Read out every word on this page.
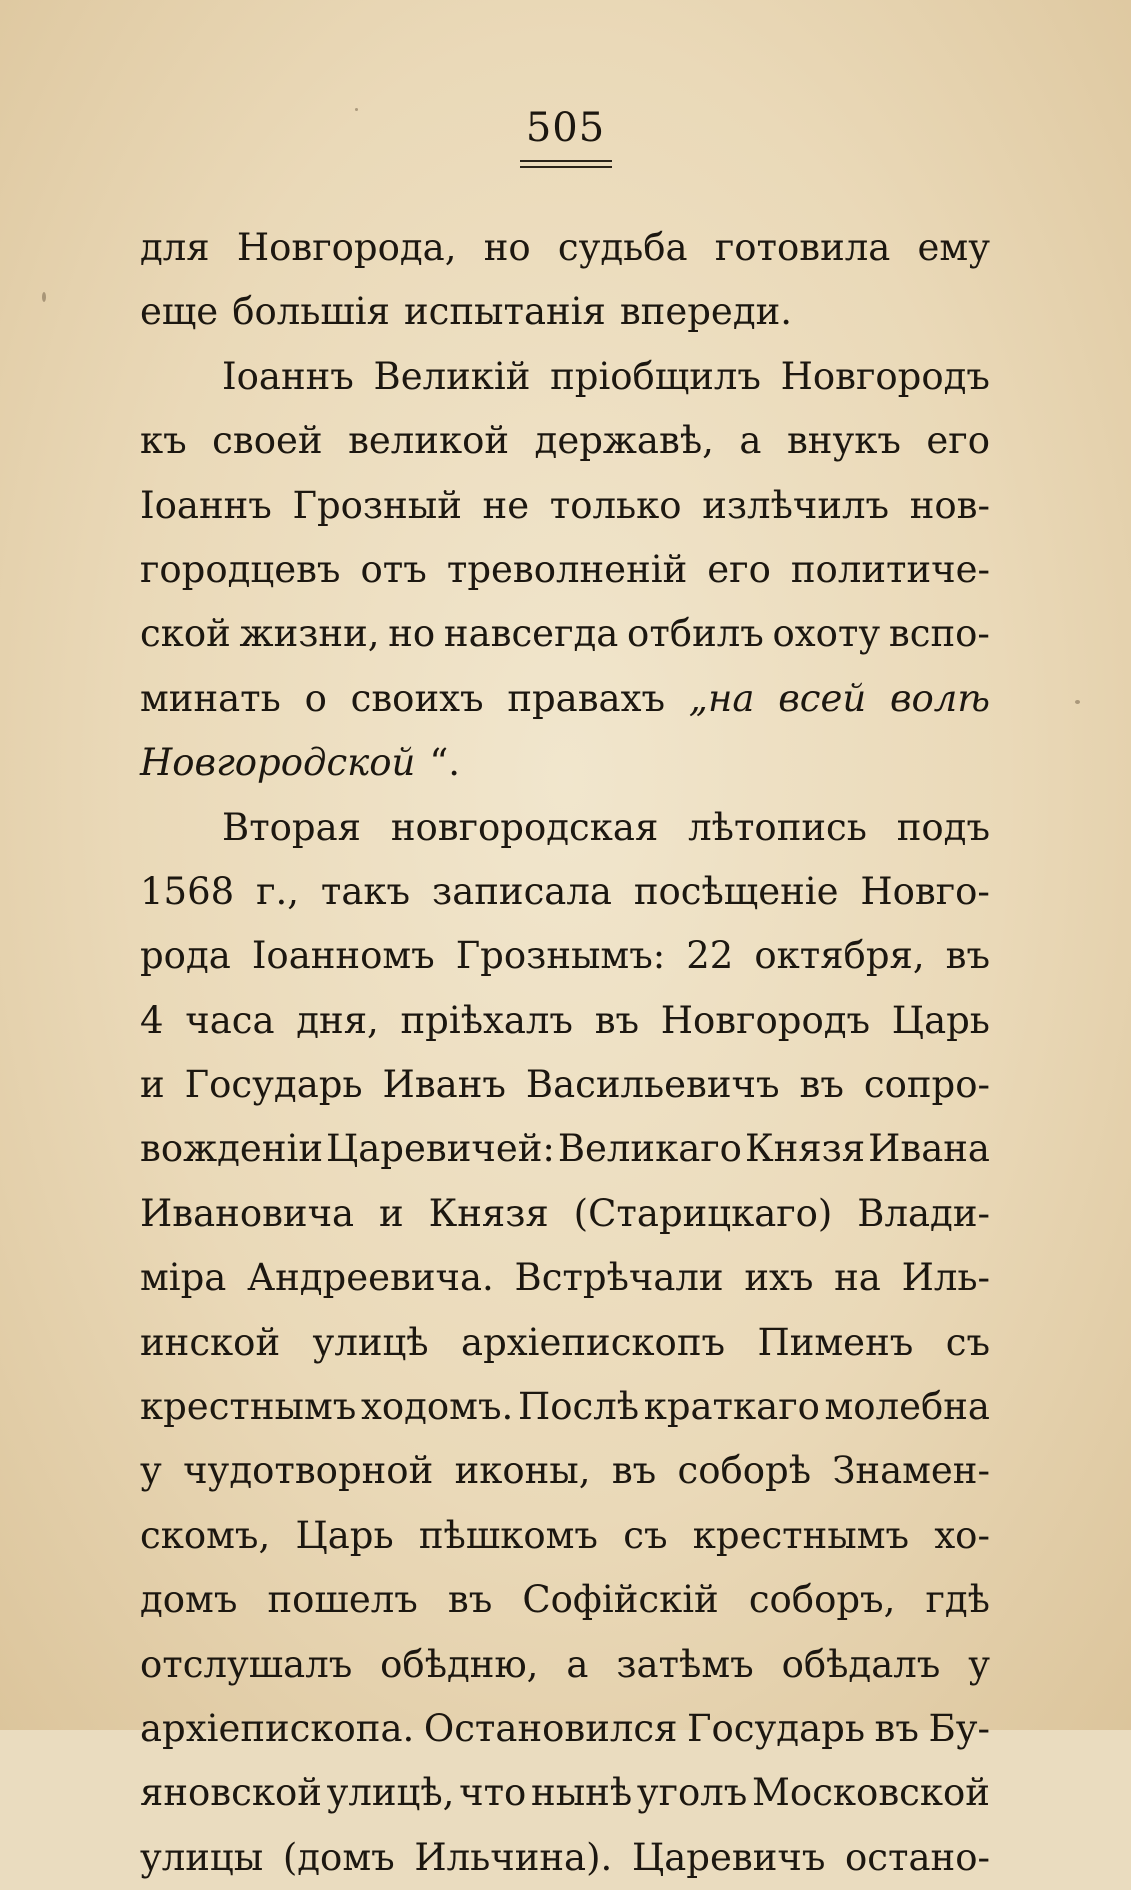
505
для Новгорода, но судьба готовила ему
еще большія испытанія впереди.
Іоаннъ Великій пріобщилъ Новгородъ
къ своей великой державѣ, а внукъ его
Іоаннъ Грозный не только излѣчилъ нов-
городцевъ отъ треволненій его политиче-
ской жизни, но навсегда отбилъ охоту вспо-
минать о своихъ правахъ „на всей волѣ
Новгородской “.
Вторая новгородская лѣтопись подъ
1568 г., такъ записала посѣщеніе Новго-
рода Іоанномъ Грознымъ: 22 октября, въ
4 часа дня, пріѣхалъ въ Новгородъ Царь
и Государь Иванъ Васильевичъ въ сопро-
вожденіи Царевичей: Великаго Князя Ивана
Ивановича и Князя (Старицкаго) Влади-
міра Андреевича. Встрѣчали ихъ на Иль-
инской улицѣ архіепископъ Пименъ съ
крестнымъ ходомъ. Послѣ краткаго молебна
у чудотворной иконы, въ соборѣ Знамен-
скомъ, Царь пѣшкомъ съ крестнымъ хо-
домъ пошелъ въ Софійскій соборъ, гдѣ
отслушалъ обѣдню, а затѣмъ обѣдалъ у
архіепископа. Остановился Государь въ Бу-
яновской улицѣ, что нынѣ уголъ Московской
улицы (домъ Ильчина). Царевичъ остано-
